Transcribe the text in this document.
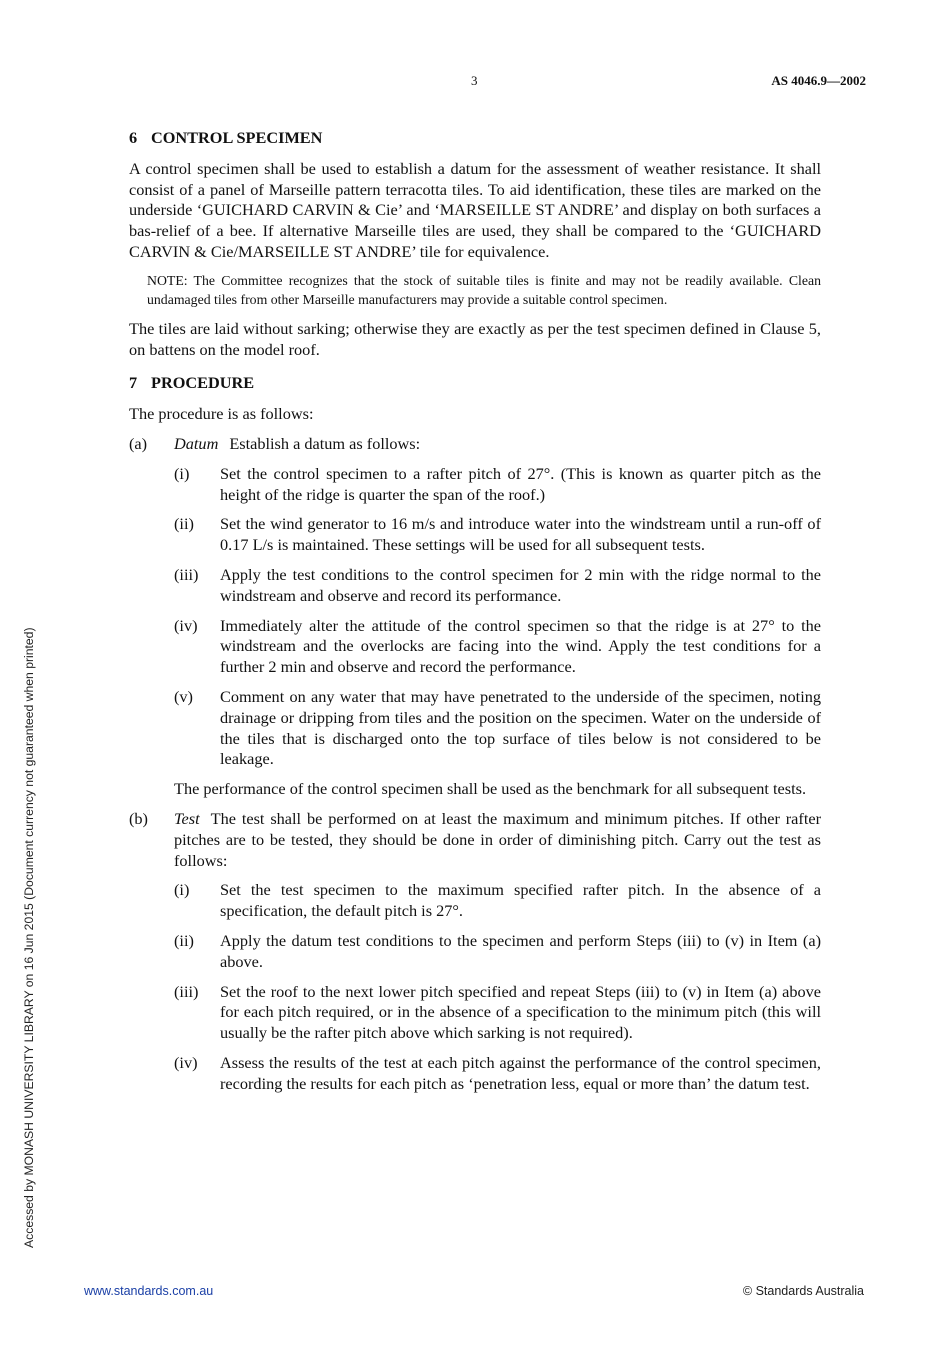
3	AS 4046.9—2002
6 CONTROL SPECIMEN

A control specimen shall be used to establish a datum for the assessment of weather resistance. It shall consist of a panel of Marseille pattern terracotta tiles. To aid identification, these tiles are marked on the underside ‘GUICHARD CARVIN & Cie’ and ‘MARSEILLE ST ANDRE’ and display on both surfaces a bas-relief of a bee. If alternative Marseille tiles are used, they shall be compared to the ‘GUICHARD CARVIN & Cie/MARSEILLE ST ANDRE’ tile for equivalence.

NOTE: The Committee recognizes that the stock of suitable tiles is finite and may not be readily available. Clean undamaged tiles from other Marseille manufacturers may provide a suitable control specimen.

The tiles are laid without sarking; otherwise they are exactly as per the test specimen defined in Clause 5, on battens on the model roof.

7 PROCEDURE

The procedure is as follows:

(a) Datum Establish a datum as follows:
(i) Set the control specimen to a rafter pitch of 27°. (This is known as quarter pitch as the height of the ridge is quarter the span of the roof.)
(ii) Set the wind generator to 16 m/s and introduce water into the windstream until a run-off of 0.17 L/s is maintained. These settings will be used for all subsequent tests.
(iii) Apply the test conditions to the control specimen for 2 min with the ridge normal to the windstream and observe and record its performance.
(iv) Immediately alter the attitude of the control specimen so that the ridge is at 27° to the windstream and the overlocks are facing into the wind. Apply the test conditions for a further 2 min and observe and record the performance.
(v) Comment on any water that may have penetrated to the underside of the specimen, noting drainage or dripping from tiles and the position on the specimen. Water on the underside of the tiles that is discharged onto the top surface of tiles below is not considered to be leakage.
The performance of the control specimen shall be used as the benchmark for all subsequent tests.
(b) Test The test shall be performed on at least the maximum and minimum pitches. If other rafter pitches are to be tested, they should be done in order of diminishing pitch. Carry out the test as follows:
(i) Set the test specimen to the maximum specified rafter pitch. In the absence of a specification, the default pitch is 27°.
(ii) Apply the datum test conditions to the specimen and perform Steps (iii) to (v) in Item (a) above.
(iii) Set the roof to the next lower pitch specified and repeat Steps (iii) to (v) in Item (a) above for each pitch required, or in the absence of a specification to the minimum pitch (this will usually be the rafter pitch above which sarking is not required).
(iv) Assess the results of the test at each pitch against the performance of the control specimen, recording the results for each pitch as ‘penetration less, equal or more than’ the datum test.
Accessed by MONASH UNIVERSITY LIBRARY on 16 Jun 2015 (Document currency not guaranteed when printed)
www.standards.com.au	© Standards Australia
